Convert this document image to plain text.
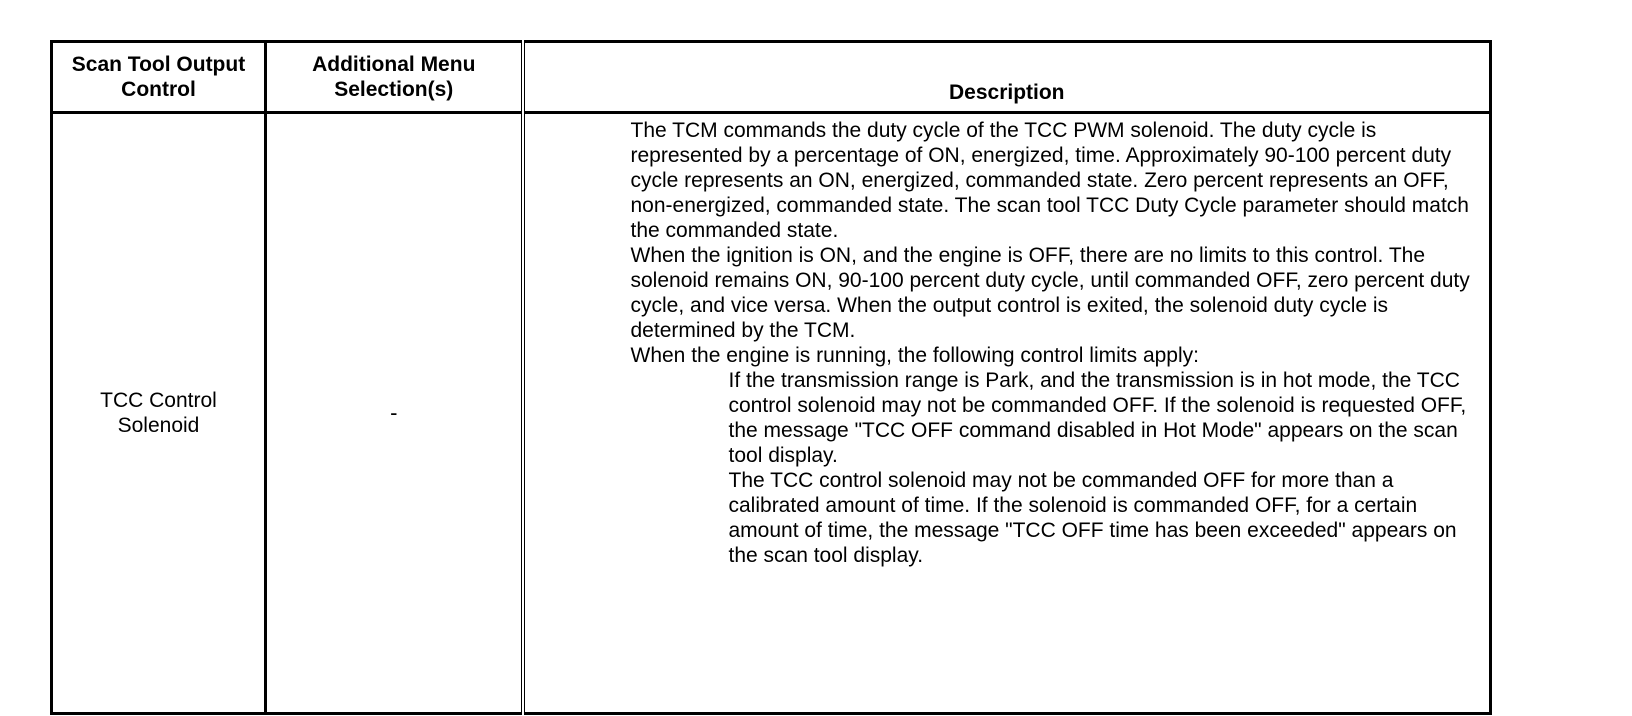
Scan Tool Output Control	Additional Menu Selection(s)	Description
TCC Control Solenoid	-	The TCM commands the duty cycle of the TCC PWM solenoid. The duty cycle is represented by a percentage of ON, energized, time. Approximately 90-100 percent duty cycle represents an ON, energized, commanded state. Zero percent represents an OFF, non-energized, commanded state. The scan tool TCC Duty Cycle parameter should match the commanded state.
When the ignition is ON, and the engine is OFF, there are no limits to this control. The solenoid remains ON, 90-100 percent duty cycle, until commanded OFF, zero percent duty cycle, and vice versa. When the output control is exited, the solenoid duty cycle is determined by the TCM.
When the engine is running, the following control limits apply:
If the transmission range is Park, and the transmission is in hot mode, the TCC control solenoid may not be commanded OFF. If the solenoid is requested OFF, the message "TCC OFF command disabled in Hot Mode" appears on the scan tool display.
The TCC control solenoid may not be commanded OFF for more than a calibrated amount of time. If the solenoid is commanded OFF, for a certain amount of time, the message "TCC OFF time has been exceeded" appears on the scan tool display.
